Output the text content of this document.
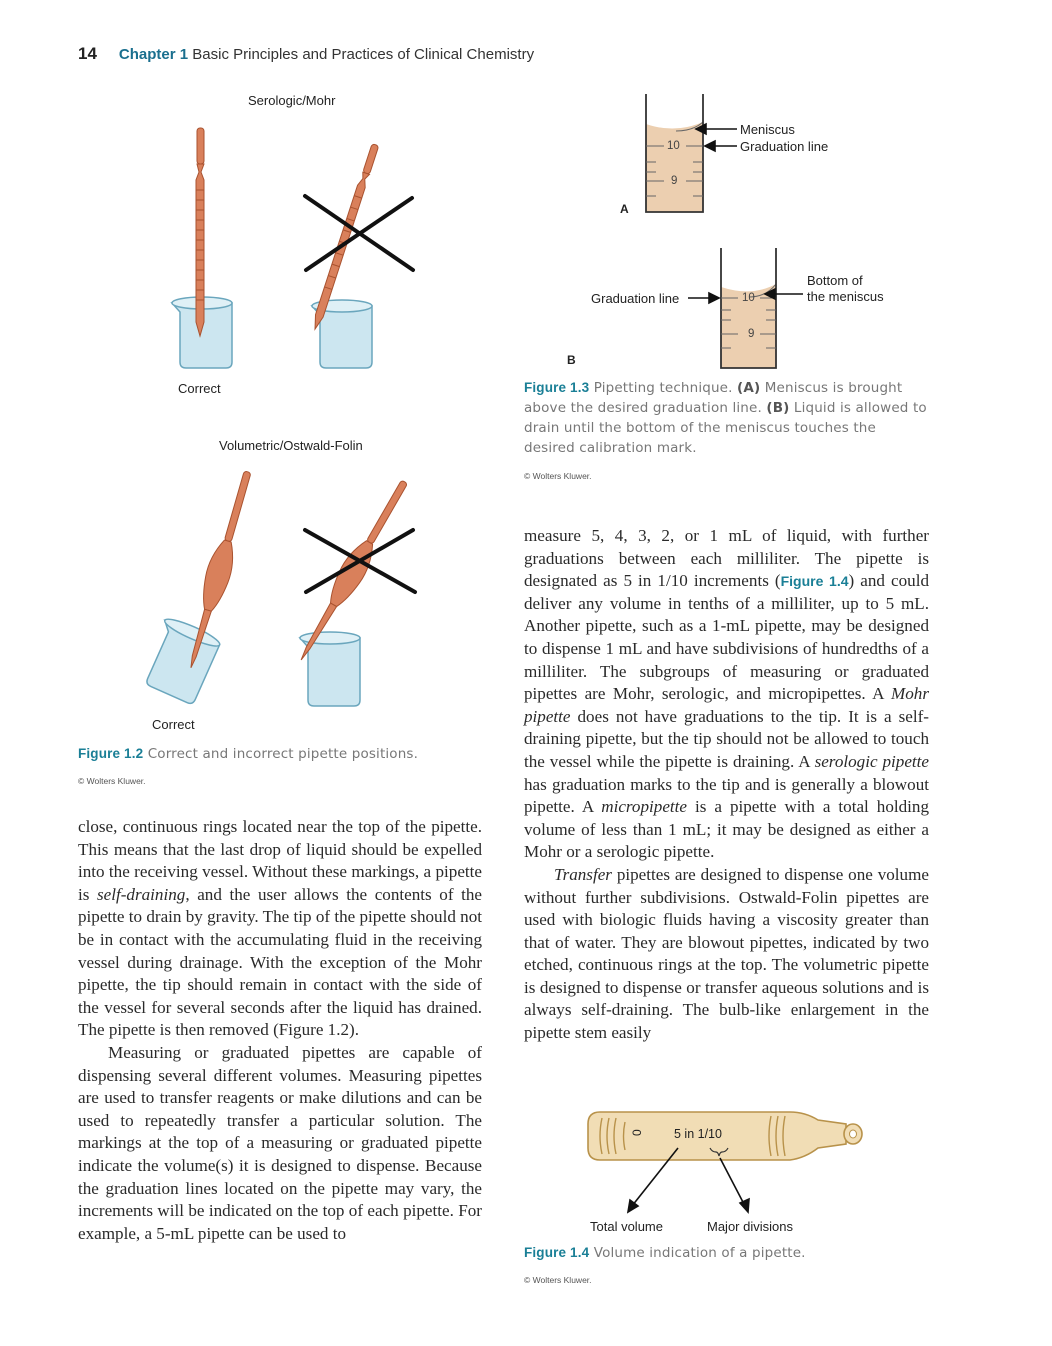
14 Chapter 1 Basic Principles and Practices of Clinical Chemistry
Serologic/Mohr
Volumetric/Ostwald-Folin
Correct
Correct
10
9
Meniscus
Graduation line
A
10
9
Graduation line
Bottom of
the meniscus
B
Figure 1.3 Pipetting technique. (A) Meniscus is brought above the desired graduation line. (B) Liquid is allowed to drain until the bottom of the meniscus touches the desired calibration mark.
© Wolters Kluwer.
Figure 1.2 Correct and incorrect pipette positions.
© Wolters Kluwer.

close, continuous rings located near the top of the pipette. This means that the last drop of liquid should be expelled into the receiving vessel. Without these markings, a pipette is self-draining, and the user allows the contents of the pipette to drain by gravity. The tip of the pipette should not be in contact with the accumulating fluid in the receiving vessel during drainage. With the exception of the Mohr pipette, the tip should remain in contact with the side of the vessel for several seconds after the liquid has drained. The pipette is then removed (Figure 1.2).

Measuring or graduated pipettes are capable of dispensing several different volumes. Measuring pipettes are used to transfer reagents or make dilutions and can be used to repeatedly transfer a particular solution. The markings at the top of a measuring or graduated pipette indicate the volume(s) it is designed to dispense. Because the graduation lines located on the pipette may vary, the increments will be indicated on the top of each pipette. For example, a 5-mL pipette can be used to

measure 5, 4, 3, 2, or 1 mL of liquid, with further graduations between each milliliter. The pipette is designated as 5 in 1/10 increments (Figure 1.4) and could deliver any volume in tenths of a milliliter, up to 5 mL. Another pipette, such as a 1-mL pipette, may be designed to dispense 1 mL and have subdivisions of hundredths of a milliliter. The subgroups of measuring or graduated pipettes are Mohr, serologic, and micropipettes. A Mohr pipette does not have graduations to the tip. It is a self-draining pipette, but the tip should not be allowed to touch the vessel while the pipette is draining. A serologic pipette has graduation marks to the tip and is generally a blowout pipette. A micropipette is a pipette with a total holding volume of less than 1 mL; it may be designed as either a Mohr or a serologic pipette.

Transfer pipettes are designed to dispense one volume without further subdivisions. Ostwald-Folin pipettes are used with biologic fluids having a viscosity greater than that of water. They are blowout pipettes, indicated by two etched, continuous rings at the top. The volumetric pipette is designed to dispense or transfer aqueous solutions and is always self-draining. The bulb-like enlargement in the pipette stem easily

0 5 in 1/10
Total volume	Major divisions
Figure 1.4 Volume indication of a pipette.
© Wolters Kluwer.
